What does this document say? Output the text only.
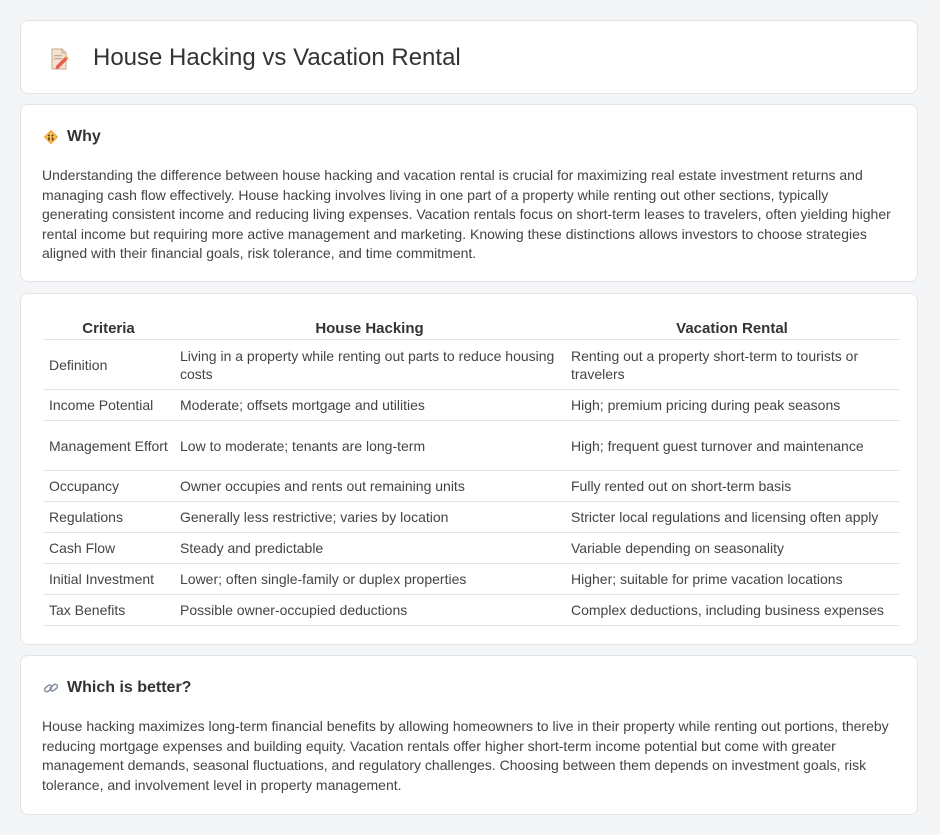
House Hacking vs Vacation Rental
Why

Understanding the difference between house hacking and vacation rental is crucial for maximizing real estate investment returns and managing cash flow effectively. House hacking involves living in one part of a property while renting out other sections, typically generating consistent income and reducing living expenses. Vacation rentals focus on short-term leases to travelers, often yielding higher rental income but requiring more active management and marketing. Knowing these distinctions allows investors to choose strategies aligned with their financial goals, risk tolerance, and time commitment.

Criteria	House Hacking	Vacation Rental
Definition	Living in a property while renting out parts to reduce housing costs	Renting out a property short-term to tourists or travelers
Income Potential	Moderate; offsets mortgage and utilities	High; premium pricing during peak seasons
Management Effort	Low to moderate; tenants are long-term	High; frequent guest turnover and maintenance
Occupancy	Owner occupies and rents out remaining units	Fully rented out on short-term basis
Regulations	Generally less restrictive; varies by location	Stricter local regulations and licensing often apply
Cash Flow	Steady and predictable	Variable depending on seasonality
Initial Investment	Lower; often single-family or duplex properties	Higher; suitable for prime vacation locations
Tax Benefits	Possible owner-occupied deductions	Complex deductions, including business expenses
Which is better?

House hacking maximizes long-term financial benefits by allowing homeowners to live in their property while renting out portions, thereby reducing mortgage expenses and building equity. Vacation rentals offer higher short-term income potential but come with greater management demands, seasonal fluctuations, and regulatory challenges. Choosing between them depends on investment goals, risk tolerance, and involvement level in property management.
